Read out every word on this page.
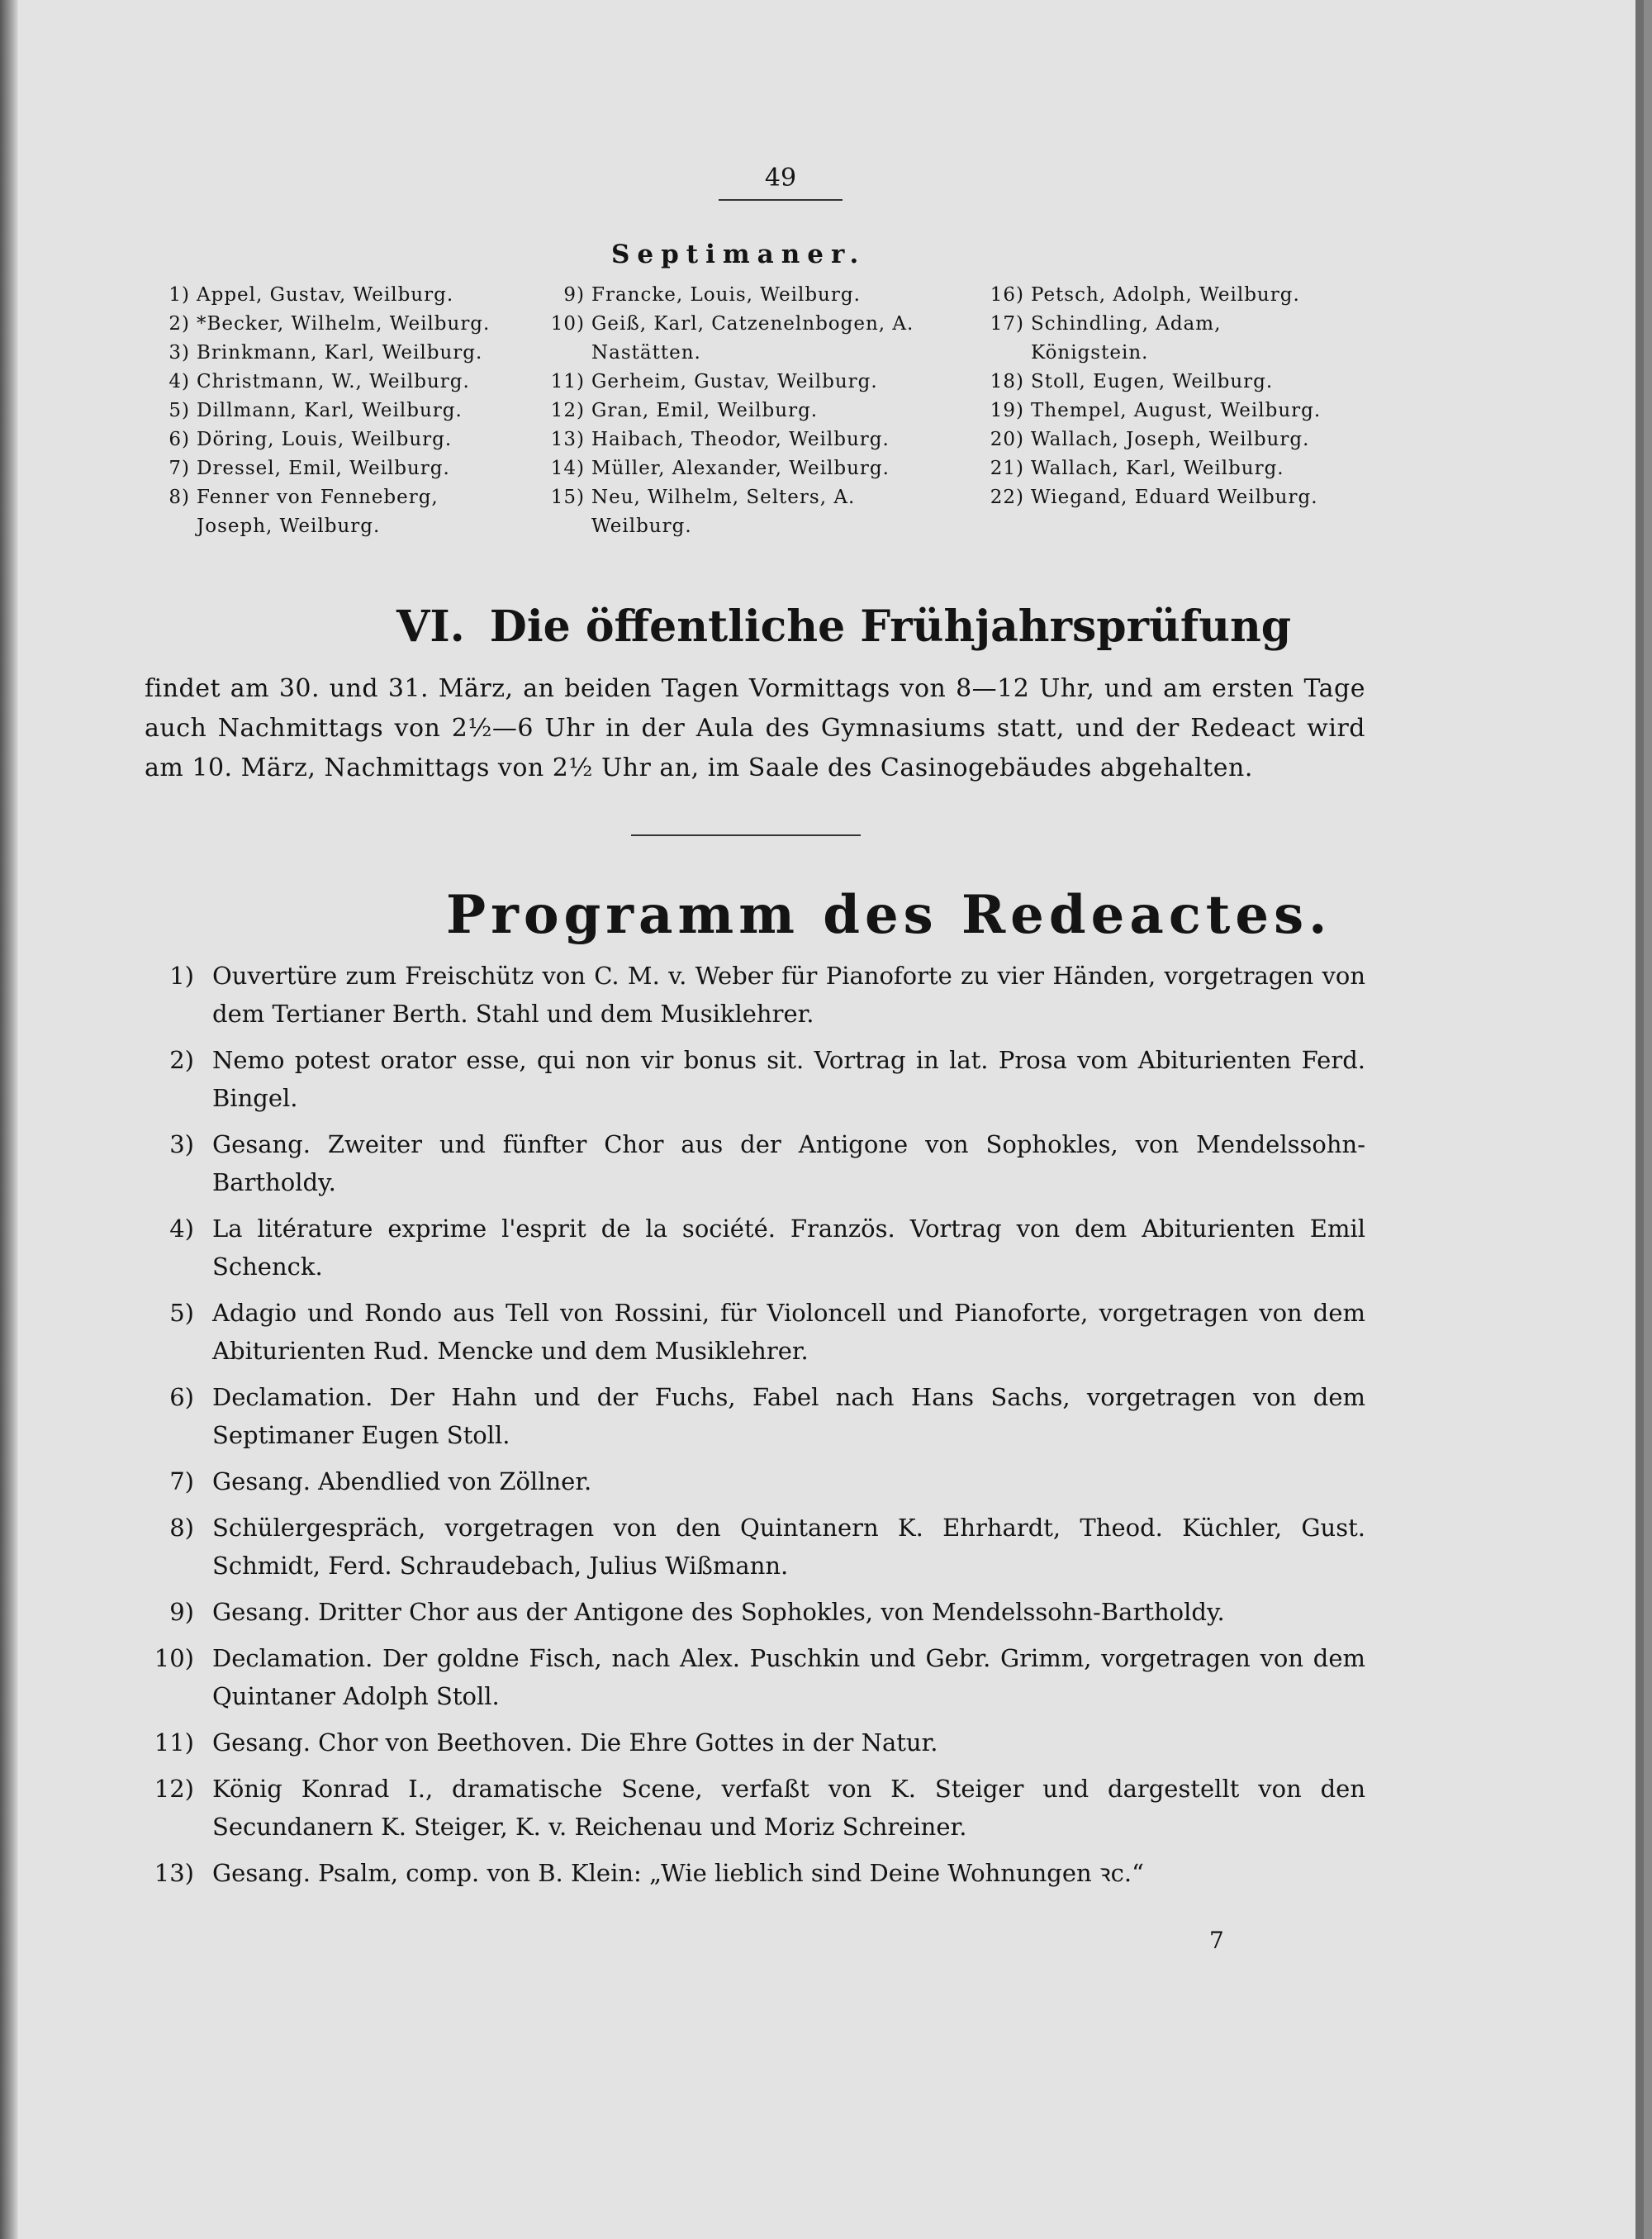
49
Septimaner.
1) Appel, Gustav, Weilburg.
2) *Becker, Wilhelm, Weilburg.
3) Brinkmann, Karl, Weilburg.
4) Christmann, W., Weilburg.
5) Dillmann, Karl, Weilburg.
6) Döring, Louis, Weilburg.
7) Dressel, Emil, Weilburg.
8) Fenner von Fenneberg, Joseph, Weilburg.
9) Francke, Louis, Weilburg.
10) Geiß, Karl, Catzenelnbogen, A. Nastätten.
11) Gerheim, Gustav, Weilburg.
12) Gran, Emil, Weilburg.
13) Haibach, Theodor, Weilburg.
14) Müller, Alexander, Weilburg.
15) Neu, Wilhelm, Selters, A. Weilburg.
16) Petsch, Adolph, Weilburg.
17) Schindling, Adam, Königstein.
18) Stoll, Eugen, Weilburg.
19) Thempel, August, Weilburg.
20) Wallach, Joseph, Weilburg.
21) Wallach, Karl, Weilburg.
22) Wiegand, Eduard Weilburg.
VI. Die öffentliche Frühjahrsprüfung
findet am 30. und 31. März, an beiden Tagen Vormittags von 8—12 Uhr, und am ersten Tage auch Nachmittags von 2½—6 Uhr in der Aula des Gymnasiums statt, und der Redeact wird am 10. März, Nachmittags von 2½ Uhr an, im Saale des Casinogebäudes abgehalten.
Programm des Redeactes.
1) Ouvertüre zum Freischütz von C. M. v. Weber für Pianoforte zu vier Händen, vorgetragen von dem Tertianer Berth. Stahl und dem Musiklehrer.
2) Nemo potest orator esse, qui non vir bonus sit. Vortrag in lat. Prosa vom Abiturienten Ferd. Bingel.
3) Gesang. Zweiter und fünfter Chor aus der Antigone von Sophokles, von Mendelssohn-Bartholdy.
4) La litérature exprime l'esprit de la société. Französ. Vortrag von dem Abiturienten Emil Schenck.
5) Adagio und Rondo aus Tell von Rossini, für Violoncell und Pianoforte, vorgetragen von dem Abiturienten Rud. Mencke und dem Musiklehrer.
6) Declamation. Der Hahn und der Fuchs, Fabel nach Hans Sachs, vorgetragen von dem Septimaner Eugen Stoll.
7) Gesang. Abendlied von Zöllner.
8) Schülergespräch, vorgetragen von den Quintanern K. Ehrhardt, Theod. Küchler, Gust. Schmidt, Ferd. Schraudebach, Julius Wißmann.
9) Gesang. Dritter Chor aus der Antigone des Sophokles, von Mendelssohn-Bartholdy.
10) Declamation. Der goldne Fisch, nach Alex. Puschkin und Gebr. Grimm, vorgetragen von dem Quintaner Adolph Stoll.
11) Gesang. Chor von Beethoven. Die Ehre Gottes in der Natur.
12) König Konrad I., dramatische Scene, verfaßt von K. Steiger und dargestellt von den Secundanern K. Steiger, K. v. Reichenau und Moriz Schreiner.
13) Gesang. Psalm, comp. von B. Klein: „Wie lieblich sind Deine Wohnungen ꝛc.“
7
